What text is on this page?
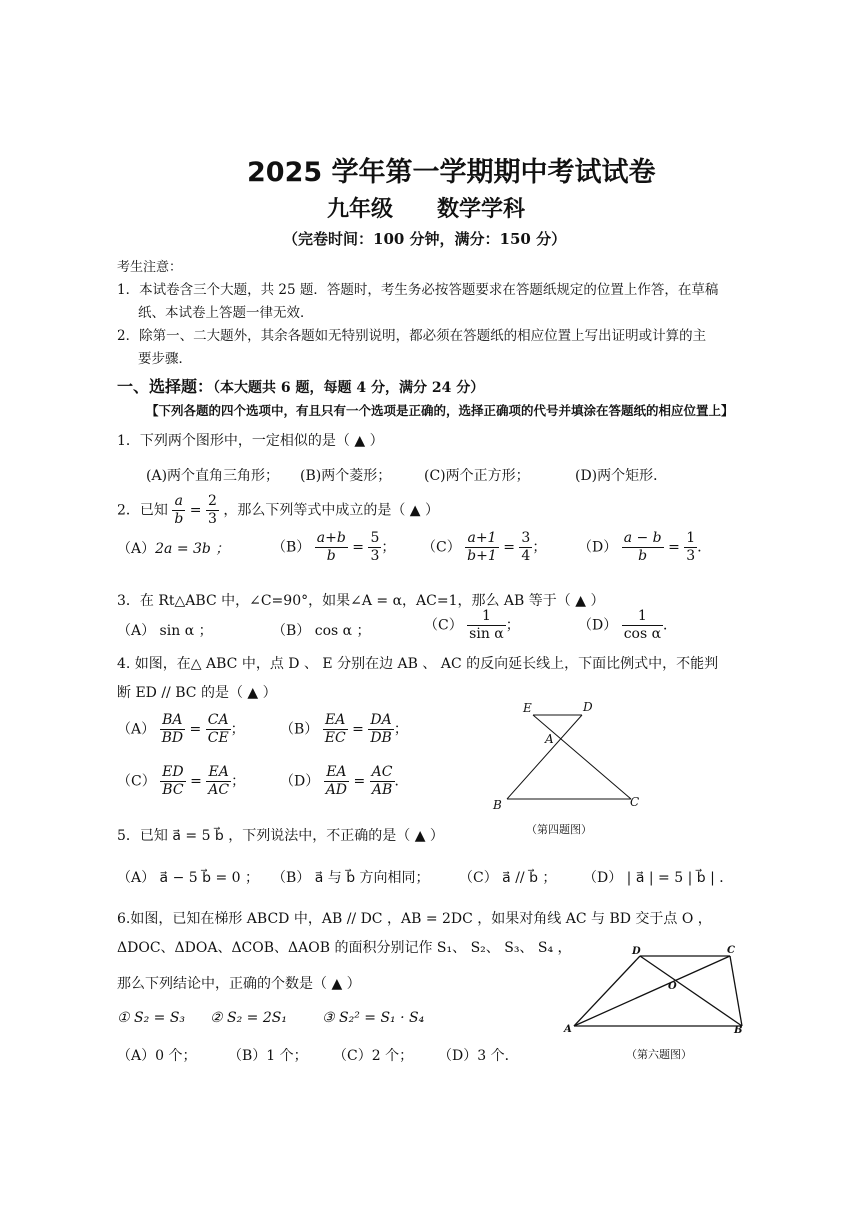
2025 学年第一学期期中考试试卷
九年级　　数学学科
（完卷时间：100 分钟，满分：150 分）
考生注意：
1．本试卷含三个大题，共 25 题．答题时，考生务必按答题要求在答题纸规定的位置上作答，在草稿
纸、本试卷上答题一律无效．
2．除第一、二大题外，其余各题如无特别说明，都必须在答题纸的相应位置上写出证明或计算的主
要步骤．
一、选择题：（本大题共 6 题，每题 4 分，满分 24 分）
【下列各题的四个选项中，有且只有一个选项是正确的，选择正确项的代号并填涂在答题纸的相应位置上】
1．下列两个图形中，一定相似的是（ ▲ ）
(A)两个直角三角形； (B)两个菱形； (C)两个正方形；	(D)两个矩形．
2．已知 $\frac{a}{b} = \frac{2}{3}$ ，那么下列等式中成立的是（ ▲ ）
（A）2a = 3b ；	$(B) \frac{a+b}{b} = \frac{5}{3}$ ； $(C) \frac{a+1}{b+1} = \frac{3}{4}$ ； $(D) \frac{a - b}{b} = \frac{1}{3}$ ．
3．在 Rt△ABC 中，∠C=90°，如果∠A = α，AC=1，那么 AB 等于（ ▲ ）
（A） sin α ；	（B） cos α ；	$(C) \frac{1}{\text{sin α}}$ ；	$(D) \frac{1}{\text{cos α}}$ ．
4. 如图，在△ ABC 中，点 D 、 E 分别在边 AB 、 AC 的反向延长线上，下面比例式中，不能判
断 ED // BC 的是（ ▲ ）
$(A) \frac{BA}{BD} = \frac{CA}{CE}$ ；	$(B) \frac{EA}{EC} = \frac{DA}{DB}$ ；
$(C) \frac{ED}{BC} = \frac{EA}{AC}$ ； $(D) \frac{EA}{AD} = \frac{AC}{AB}$ ．
E	D
A
B	C
（第四题图）
5．已知 a⃗ = 5 b⃗ ，下列说法中，不正确的是（ ▲ ）
（A） a⃗ − 5 b⃗ = 0 ； （B） a⃗ 与 b⃗ 方向相同； （C） a⃗ // b⃗ ； （D） | a⃗ | = 5 | b⃗ | ．
6.如图，已知在梯形 ABCD 中，AB // DC ，AB = 2DC ，如果对角线 AC 与 BD 交于点 O ，
ΔDOC、ΔDOA、ΔCOB、ΔAOB 的面积分别记作 S₁、 S₂、 S₃、 S₄ ，
那么下列结论中，正确的个数是（ ▲ ）
① S₂ = S₃ ② S₂ = 2S₁	③ S₂² = S₁ · S₄
（A）0 个； （B）1 个； （C）2 个； （D）3 个．
D	C
O
A	B
（第六题图）
